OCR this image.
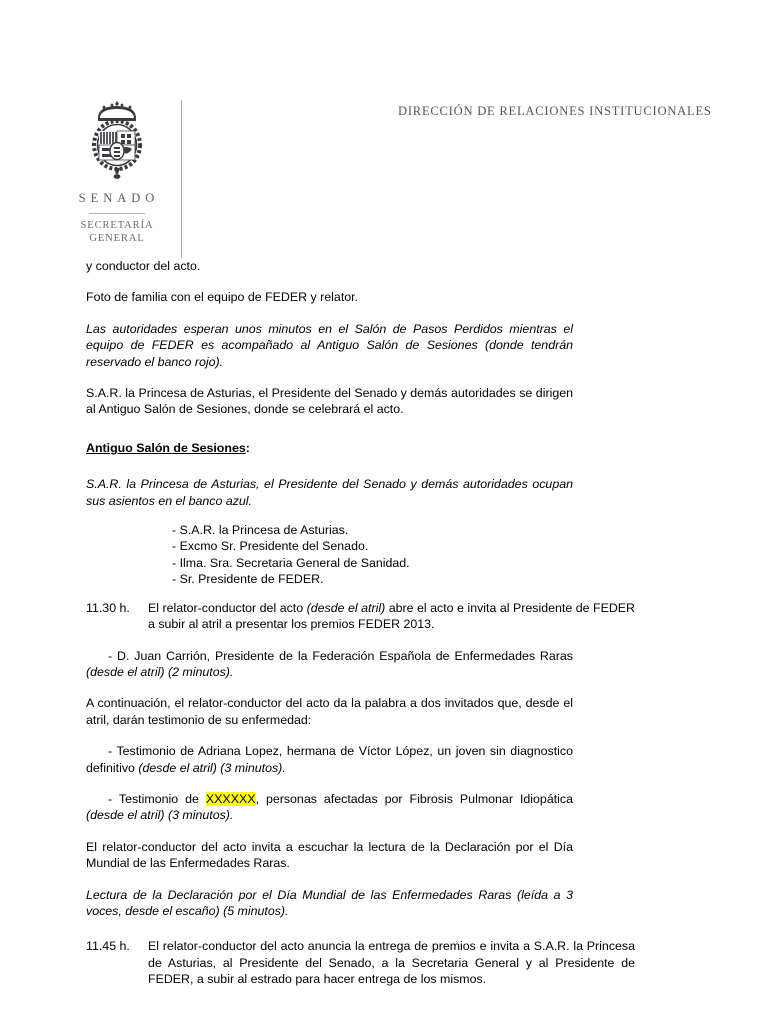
SENADO
SECRETARÍA
GENERAL
DIRECCIÓN DE RELACIONES INSTITUCIONALES

y conductor del acto.

Foto de familia con el equipo de FEDER y relator.

Las autoridades esperan unos minutos en el Salón de Pasos Perdidos mientras el equipo de FEDER es acompañado al Antiguo Salón de Sesiones (donde tendrán reservado el banco rojo).

S.A.R. la Princesa de Asturias, el Presidente del Senado y demás autoridades se dirigen al Antiguo Salón de Sesiones, donde se celebrará el acto.

Antiguo Salón de Sesiones:

S.A.R. la Princesa de Asturias, el Presidente del Senado y demás autoridades ocupan sus asientos en el banco azul.

- S.A.R. la Princesa de Asturias.
- Excmo Sr. Presidente del Senado.
- Ilma. Sra. Secretaria General de Sanidad.
- Sr. Presidente de FEDER.
11.30 h.	El relator-conductor del acto (desde el atril) abre el acto e invita al Presidente de FEDER a subir al atril a presentar los premios FEDER 2013.

- D. Juan Carrión, Presidente de la Federación Española de Enfermedades Raras (desde el atril) (2 minutos).

A continuación, el relator-conductor del acto da la palabra a dos invitados que, desde el atril, darán testimonio de su enfermedad:

- Testimonio de Adriana Lopez, hermana de Víctor López, un joven sin diagnostico definitivo (desde el atril) (3 minutos).

- Testimonio de XXXXXX, personas afectadas por Fibrosis Pulmonar Idiopática (desde el atril) (3 minutos).

El relator-conductor del acto invita a escuchar la lectura de la Declaración por el Día Mundial de las Enfermedades Raras.

Lectura de la Declaración por el Día Mundial de las Enfermedades Raras (leída a 3 voces, desde el escaño) (5 minutos).

11.45 h.	El relator-conductor del acto anuncia la entrega de premios e invita a S.A.R. la Princesa de Asturias, al Presidente del Senado, a la Secretaria General y al Presidente de FEDER, a subir al estrado para hacer entrega de los mismos.
